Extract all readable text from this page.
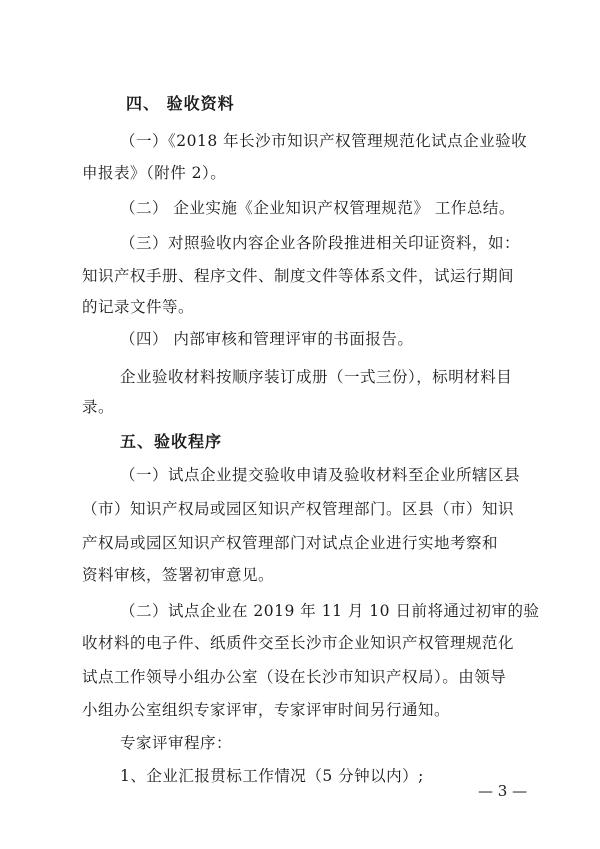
四、 验收资料
（一）《2018 年长沙市知识产权管理规范化试点企业验收
申报表》（附件 2）。
（二） 企业实施《企业知识产权管理规范》 工作总结。
（三）对照验收内容企业各阶段推进相关印证资料，如：
知识产权手册、程序文件、制度文件等体系文件，试运行期间
的记录文件等。
（四） 内部审核和管理评审的书面报告。
企业验收材料按顺序装订成册（一式三份），标明材料目
录。
五、验收程序
（一）试点企业提交验收申请及验收材料至企业所辖区县
（市）知识产权局或园区知识产权管理部门。区县（市）知识
产权局或园区知识产权管理部门对试点企业进行实地考察和
资料审核，签署初审意见。
（二）试点企业在 2019 年 11 月 10 日前将通过初审的验
收材料的电子件、纸质件交至长沙市企业知识产权管理规范化
试点工作领导小组办公室（设在长沙市知识产权局）。由领导
小组办公室组织专家评审，专家评审时间另行通知。
专家评审程序：
1、企业汇报贯标工作情况（5 分钟以内）;
— 3 —
